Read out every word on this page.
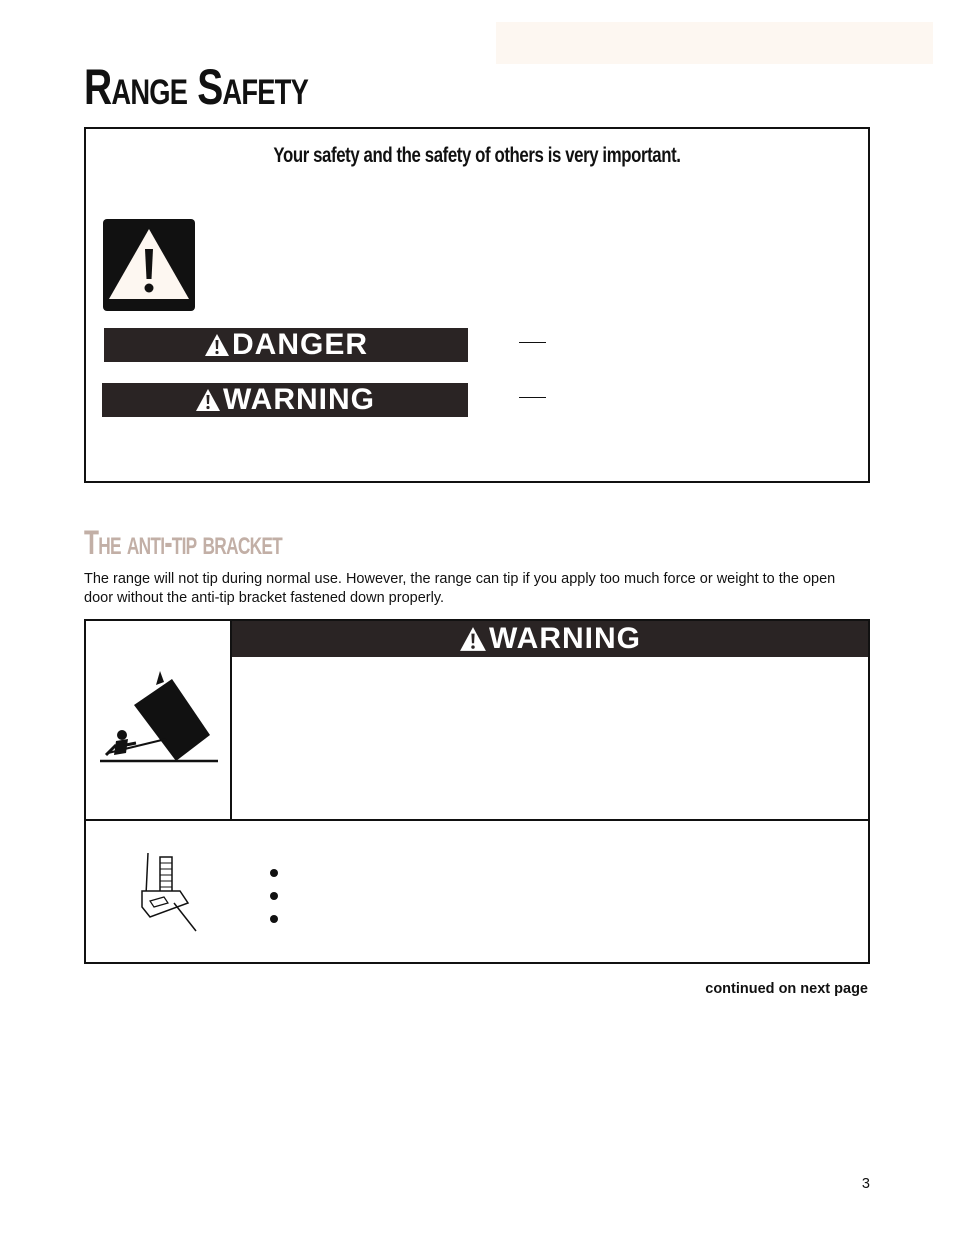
Range Safety
Your safety and the safety of others is very important.
DANGER
WARNING
The anti-tip bracket

The range will not tip during normal use. However, the range can tip if you apply too much force or weight to the open door without the anti-tip bracket fastened down properly.

WARNING

continued on next page

3
